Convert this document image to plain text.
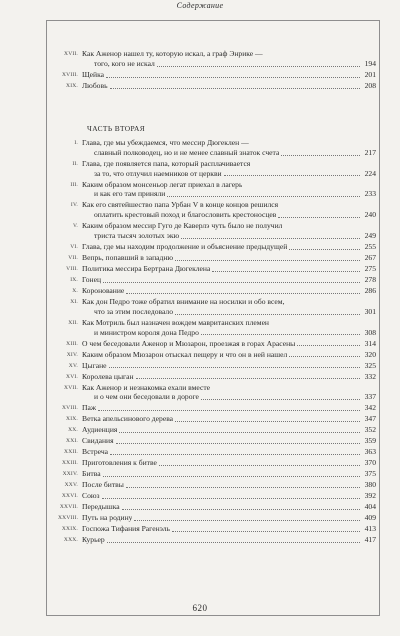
Содержание
ЧАСТЬ ВТОРАЯ
XVII. Как Аженор нашел ту, которую искал, а граф Энрике —
того, кого не искал	194
XVIII. Щейка	201
XIX. Любовь	208
I. Глава, где мы убеждаемся, что мессир Дюгеклен —
славный полководец, но и не менее славный знаток счета	217
II. Глава, где появляется папа, который расплачивается
за то, что отлучил наемников от церкви	224
III. Каким образом монсеньор легат приехал в лагерь
и как его там приняли	233
IV. Как его святейшество папа Урбан V в конце концов решился
оплатить крестовый поход и благословить крестоносцев	240
V. Каким образом мессир Гуго де Каверлэ чуть было не получил
триста тысяч золотых экю	249
VI. Глава, где мы находим продолжение и объяснение предыдущей	255
VII. Вепрь, попавший в западню	267
VIII. Политика мессира Бертрана Дюгеклена	275
IX. Гонец	278
X. Коронование	286
XI. Как дон Педро тоже обратил внимание на носилки и обо всем,
что за этим последовало	301
XII. Как Мотриль был назначен вождем мавританских племен
и министром короля дона Педро	308
XIII. О чем беседовали Аженор и Мюзарон, проезжая в горах Арасены	314
XIV. Каким образом Мюзарон отыскал пещеру и что он в ней нашел	320
XV. Цыгане	325
XVI. Королева цыган	332
XVII. Как Аженор и незнакомка ехали вместе
и о чем они беседовали в дороге	337
XVIII. Паж	342
XIX. Ветка апельсинового дерева	347
XX. Аудиенция	352
XXI. Свидания	359
XXII. Встреча	363
XXIII. Приготовления к битве	370
XXIV. Битва	375
XXV. После битвы	380
XXVI. Союз	392
XXVII. Передышка	404
XXVIII. Путь на родину	409
XXIX. Госпожа Тифания Рагенэль	413
XXX. Курьер	417
620
